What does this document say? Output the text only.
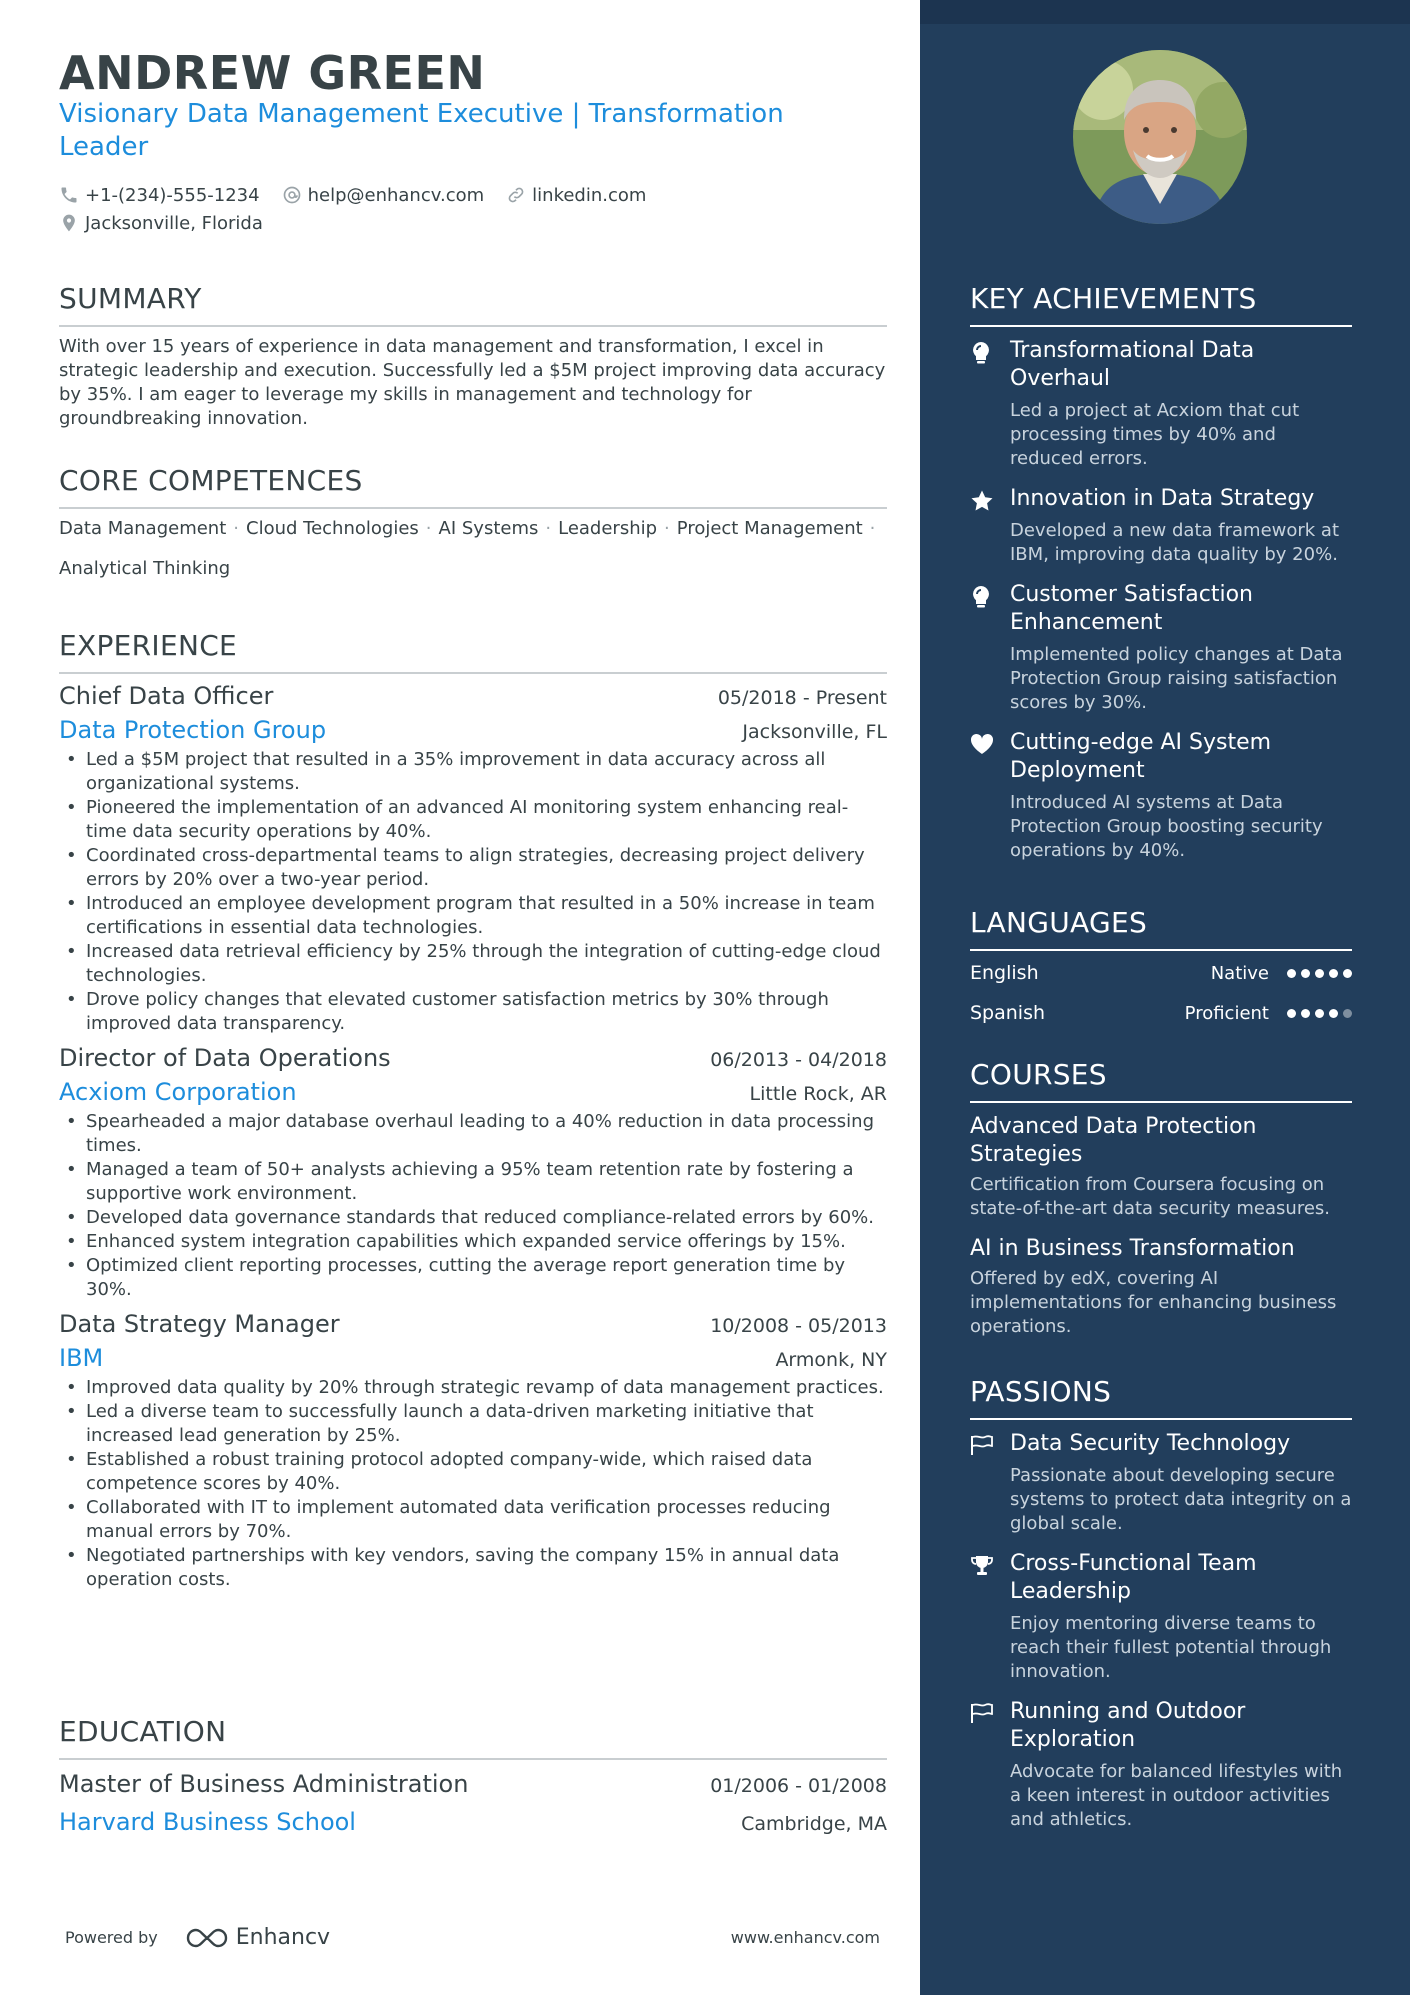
ANDREW GREEN
Visionary Data Management Executive | Transformation Leader
+1-(234)-555-1234	help@enhancv.com	linkedin.com
Jacksonville, Florida
SUMMARY
With over 15 years of experience in data management and transformation, I excel in strategic leadership and execution. Successfully led a $5M project improving data accuracy by 35%. I am eager to leverage my skills in management and technology for groundbreaking innovation.
CORE COMPETENCES
Data Management · Cloud Technologies · AI Systems · Leadership · Project Management ·
Analytical Thinking
EXPERIENCE
Chief Data Officer	05/2018 - Present
Data Protection Group	Jacksonville, FL
• Led a $5M project that resulted in a 35% improvement in data accuracy across all organizational systems.
• Pioneered the implementation of an advanced AI monitoring system enhancing real-time data security operations by 40%.
• Coordinated cross-departmental teams to align strategies, decreasing project delivery errors by 20% over a two-year period.
• Introduced an employee development program that resulted in a 50% increase in team certifications in essential data technologies.
• Increased data retrieval efficiency by 25% through the integration of cutting-edge cloud technologies.
• Drove policy changes that elevated customer satisfaction metrics by 30% through improved data transparency.
Director of Data Operations	06/2013 - 04/2018
Acxiom Corporation	Little Rock, AR
• Spearheaded a major database overhaul leading to a 40% reduction in data processing times.
• Managed a team of 50+ analysts achieving a 95% team retention rate by fostering a supportive work environment.
• Developed data governance standards that reduced compliance-related errors by 60%.
• Enhanced system integration capabilities which expanded service offerings by 15%.
• Optimized client reporting processes, cutting the average report generation time by 30%.
Data Strategy Manager	10/2008 - 05/2013
IBM	Armonk, NY
• Improved data quality by 20% through strategic revamp of data management practices.
• Led a diverse team to successfully launch a data-driven marketing initiative that increased lead generation by 25%.
• Established a robust training protocol adopted company-wide, which raised data competence scores by 40%.
• Collaborated with IT to implement automated data verification processes reducing manual errors by 70%.
• Negotiated partnerships with key vendors, saving the company 15% in annual data operation costs.
EDUCATION
Master of Business Administration	01/2006 - 01/2008
Harvard Business School	Cambridge, MA
Powered by	Enhancv	www.enhancv.com
KEY ACHIEVEMENTS
Transformational Data Overhaul
Led a project at Acxiom that cut processing times by 40% and reduced errors.
Innovation in Data Strategy
Developed a new data framework at IBM, improving data quality by 20%.
Customer Satisfaction Enhancement
Implemented policy changes at Data Protection Group raising satisfaction scores by 30%.
Cutting-edge AI System Deployment
Introduced AI systems at Data Protection Group boosting security operations by 40%.
LANGUAGES
English	Native
Spanish	Proficient
COURSES
Advanced Data Protection Strategies
Certification from Coursera focusing on state-of-the-art data security measures.
AI in Business Transformation
Offered by edX, covering AI implementations for enhancing business operations.
PASSIONS
Data Security Technology
Passionate about developing secure systems to protect data integrity on a global scale.
Cross-Functional Team Leadership
Enjoy mentoring diverse teams to reach their fullest potential through innovation.
Running and Outdoor Exploration
Advocate for balanced lifestyles with a keen interest in outdoor activities and athletics.
